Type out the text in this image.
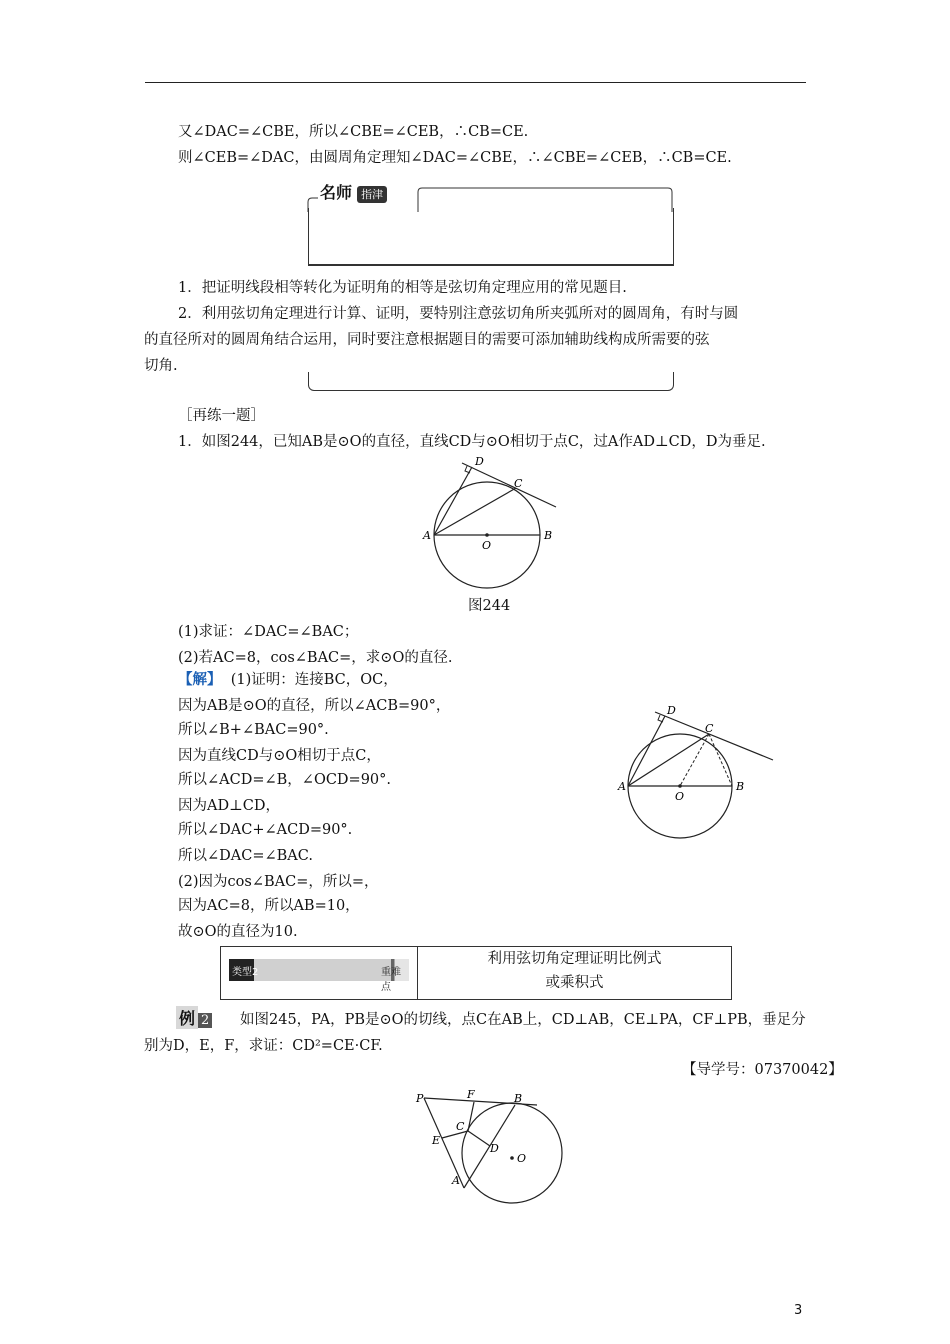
又∠DAC=∠CBE，所以∠CBE=∠CEB，∴CB=CE.
则∠CEB=∠DAC，由圆周角定理知∠DAC=∠CBE，∴∠CBE=∠CEB，∴CB=CE.
名师 指津
1．把证明线段相等转化为证明角的相等是弦切角定理应用的常见题目.
2．利用弦切角定理进行计算、证明，要特别注意弦切角所夹弧所对的圆周角，有时与圆
的直径所对的圆周角结合运用，同时要注意根据题目的需要可添加辅助线构成所需要的弦
切角.
［再练一题］
1．如图244，已知AB是⊙O的直径，直线CD与⊙O相切于点C，过A作AD⊥CD，D为垂足.
A	B
C
D
O
图244
(1)求证：∠DAC=∠BAC；
(2)若AC=8，cos∠BAC=，求⊙O的直径.
【解】 (1)证明：连接BC，OC，
因为AB是⊙O的直径，所以∠ACB=90°，
所以∠B+∠BAC=90°.
因为直线CD与⊙O相切于点C，
所以∠ACD=∠B，∠OCD=90°.
因为AD⊥CD，
所以∠DAC+∠ACD=90°.
所以∠DAC=∠BAC.
(2)因为cos∠BAC=，所以=，
因为AC=8，所以AB=10，
故⊙O的直径为10.
A	B
C
D
O
类型2	重难点
利用弦切角定理证明比例式
或乘积式
例 2	如图245，PA，PB是⊙O的切线，点C在AB上，CD⊥AB，CE⊥PA，CF⊥PB，垂足分
别为D，E，F，求证：CD²=CE·CF.
【导学号：07370042】
P	F	B
C
E
D
O
A
3
